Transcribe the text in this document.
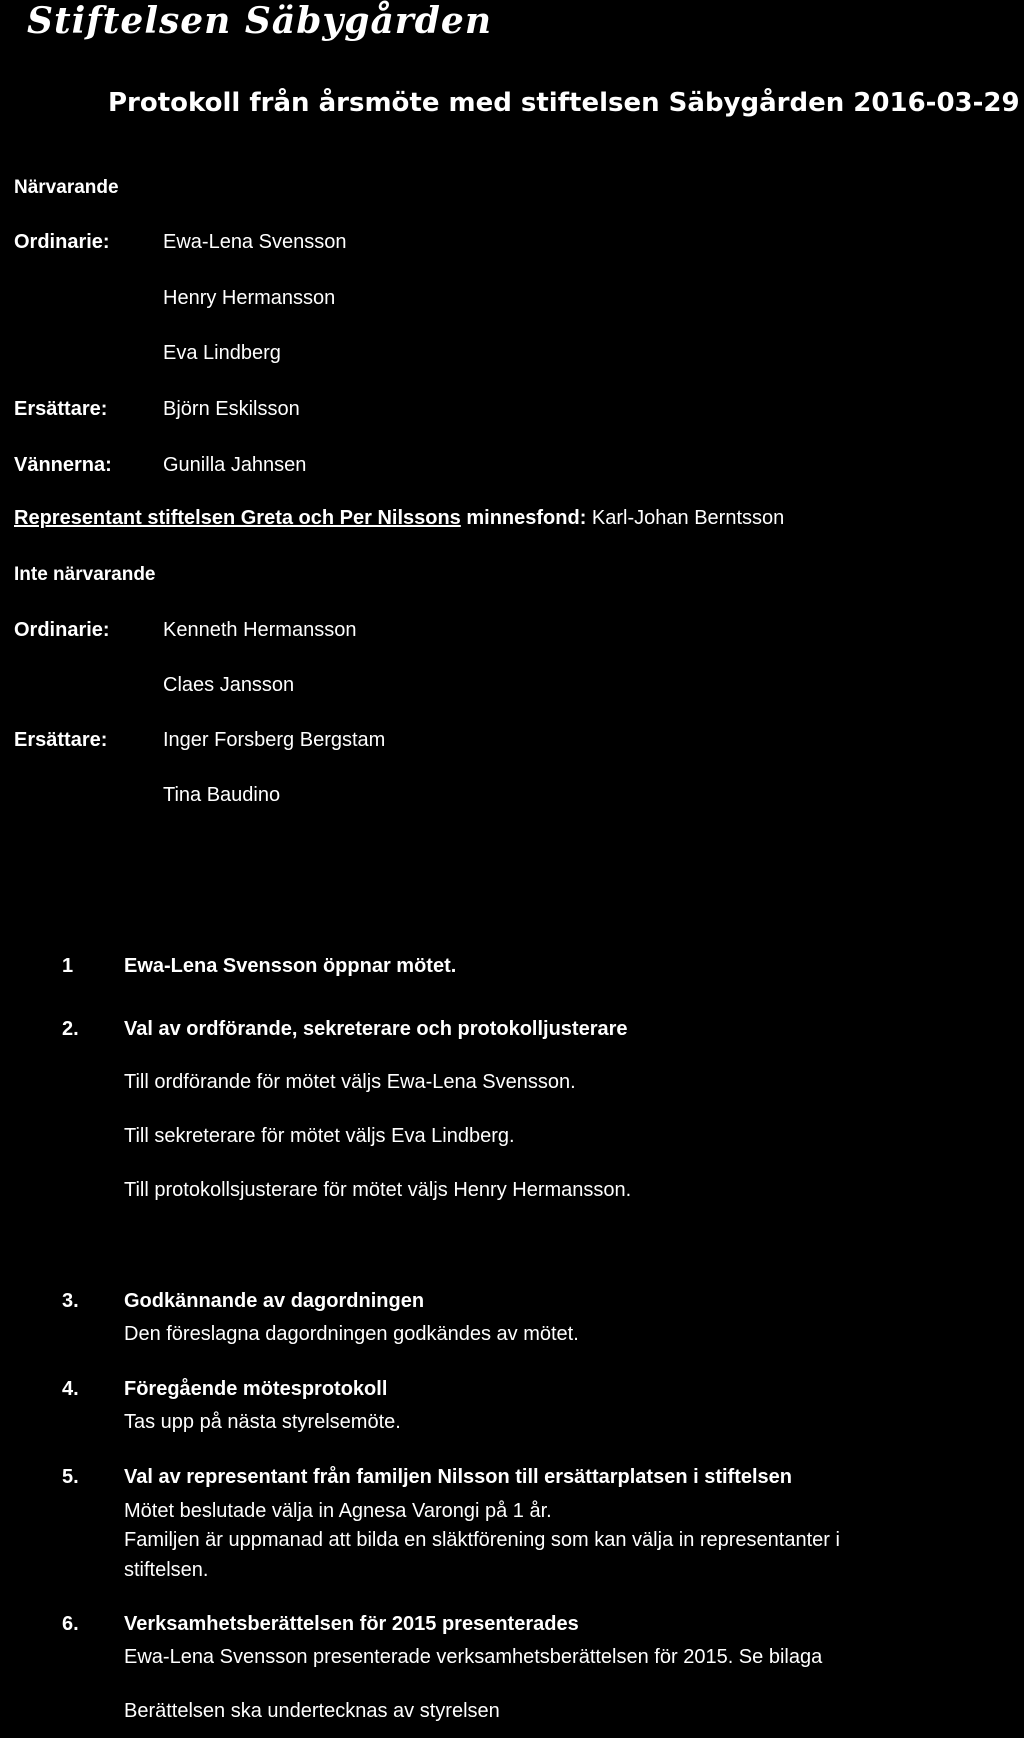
Stiftelsen Säbygården
Protokoll från årsmöte med stiftelsen Säbygården 2016-03-29
Närvarande
Ordinarie:	Ewa-Lena Svensson
Henry Hermansson
Eva Lindberg
Ersättare:	Björn Eskilsson
Vännerna:	Gunilla Jahnsen
Representant stiftelsen Greta och Per Nilssons minnesfond: Karl-Johan Berntsson
Inte närvarande
Ordinarie:	Kenneth Hermansson
Claes Jansson
Ersättare:	Inger Forsberg Bergstam
Tina Baudino
1	Ewa-Lena Svensson öppnar mötet.
2. Val av ordförande, sekreterare och protokolljusterare
Till ordförande för mötet väljs Ewa-Lena Svensson.
Till sekreterare för mötet väljs Eva Lindberg.
Till protokollsjusterare för mötet väljs Henry Hermansson.
3. Godkännande av dagordningen
Den föreslagna dagordningen godkändes av mötet.
4. Föregående mötesprotokoll
Tas upp på nästa styrelsemöte.
5. Val av representant från familjen Nilsson till ersättarplatsen i stiftelsen
Mötet beslutade välja in Agnesa Varongi på 1 år.
Familjen är uppmanad att bilda en släktförening som kan välja in representanter i
stiftelsen.
6. Verksamhetsberättelsen för 2015 presenterades
Ewa-Lena Svensson presenterade verksamhetsberättelsen för 2015. Se bilaga
Berättelsen ska undertecknas av styrelsen
